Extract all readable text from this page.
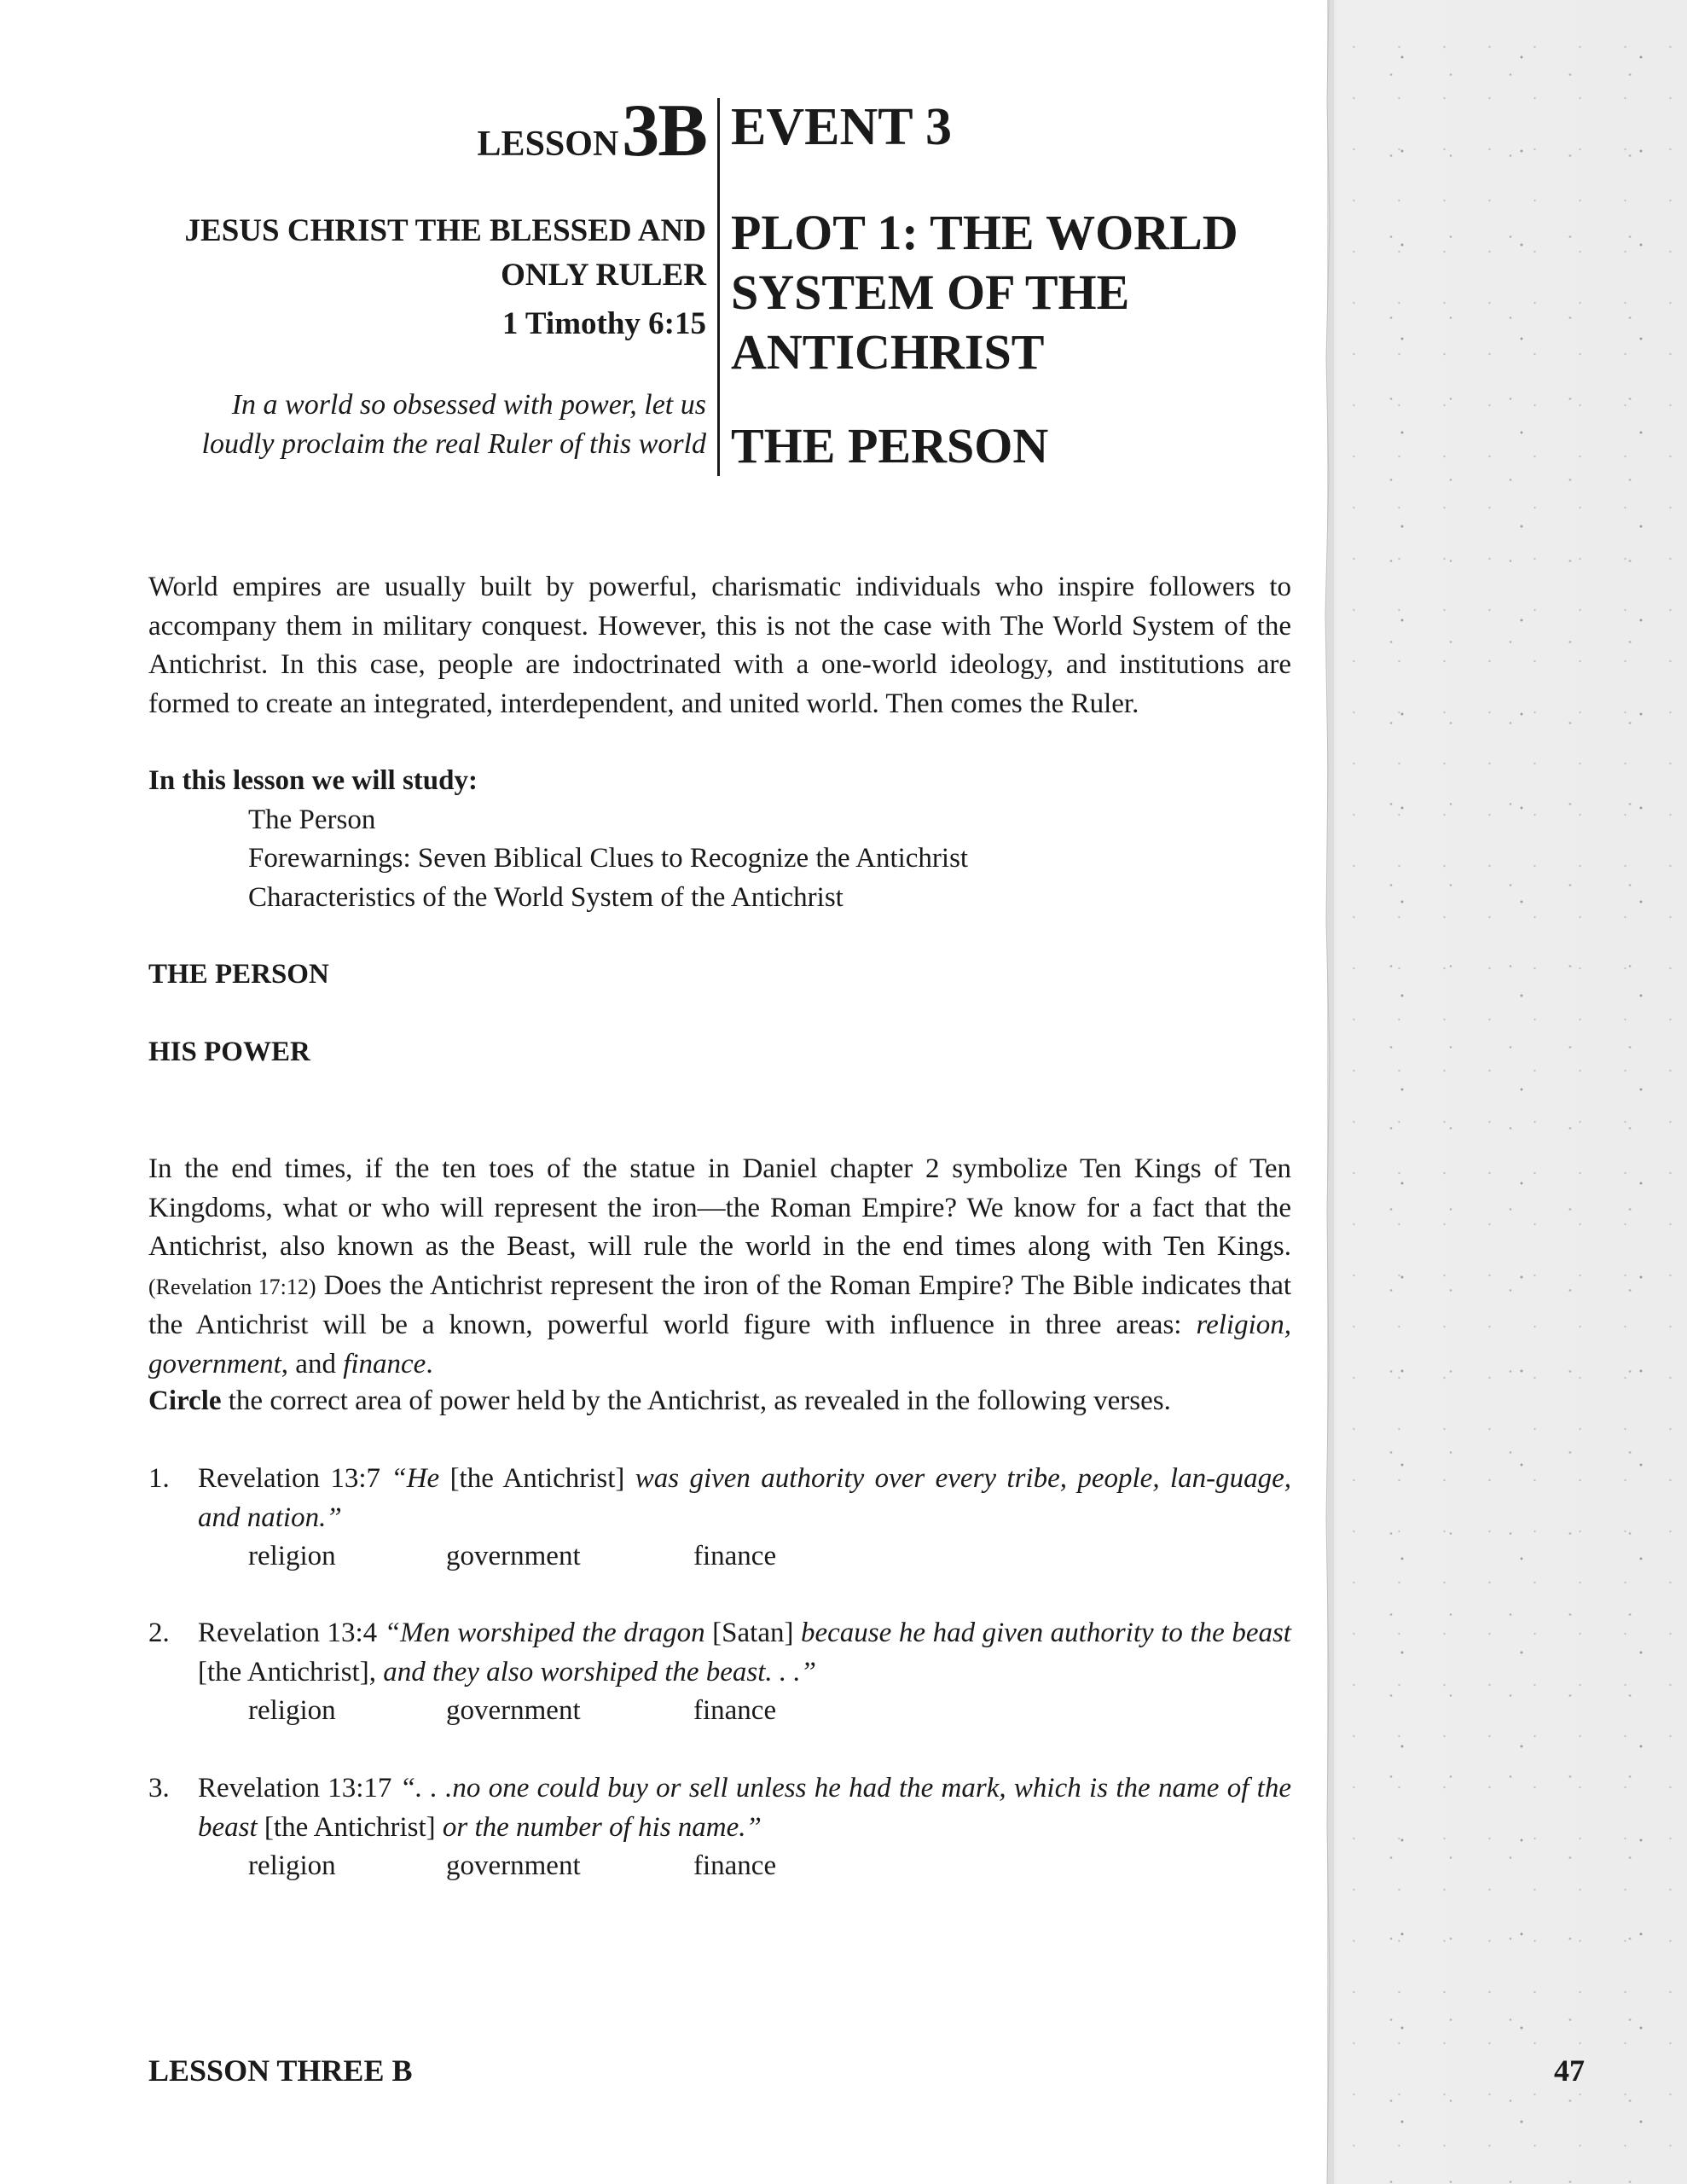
LESSON 3B
JESUS CHRIST THE BLESSED AND
ONLY RULER
1 Timothy 6:15
In a world so obsessed with power, let us
loudly proclaim the real Ruler of this world
EVENT 3
PLOT 1: THE WORLD
SYSTEM OF THE
ANTICHRIST
THE PERSON
World empires are usually built by powerful, charismatic individuals who inspire followers to accompany them in military conquest. However, this is not the case with The World System of the Antichrist. In this case, people are indoctrinated with a one-world ideology, and institutions are formed to create an integrated, interdependent, and united world. Then comes the Ruler.
In this lesson we will study:
The Person
Forewarnings: Seven Biblical Clues to Recognize the Antichrist
Characteristics of the World System of the Antichrist
THE PERSON
HIS POWER
In the end times, if the ten toes of the statue in Daniel chapter 2 symbolize Ten Kings of Ten Kingdoms, what or who will represent the iron—the Roman Empire? We know for a fact that the Antichrist, also known as the Beast, will rule the world in the end times along with Ten Kings. (Revelation 17:12) Does the Antichrist represent the iron of the Roman Empire? The Bible indicates that the Antichrist will be a known, powerful world figure with influence in three areas: religion, government, and finance.
Circle the correct area of power held by the Antichrist, as revealed in the following verses.
1. Revelation 13:7 “He [the Antichrist] was given authority over every tribe, people, lan-guage, and nation.”
religion	government	finance
2. Revelation 13:4 “Men worshiped the dragon [Satan] because he had given authority to the beast [the Antichrist], and they also worshiped the beast. . .”
religion	government	finance
3. Revelation 13:17 “. . .no one could buy or sell unless he had the mark, which is the name of the beast [the Antichrist] or the number of his name.”
religion	government	finance
LESSON THREE B	47
